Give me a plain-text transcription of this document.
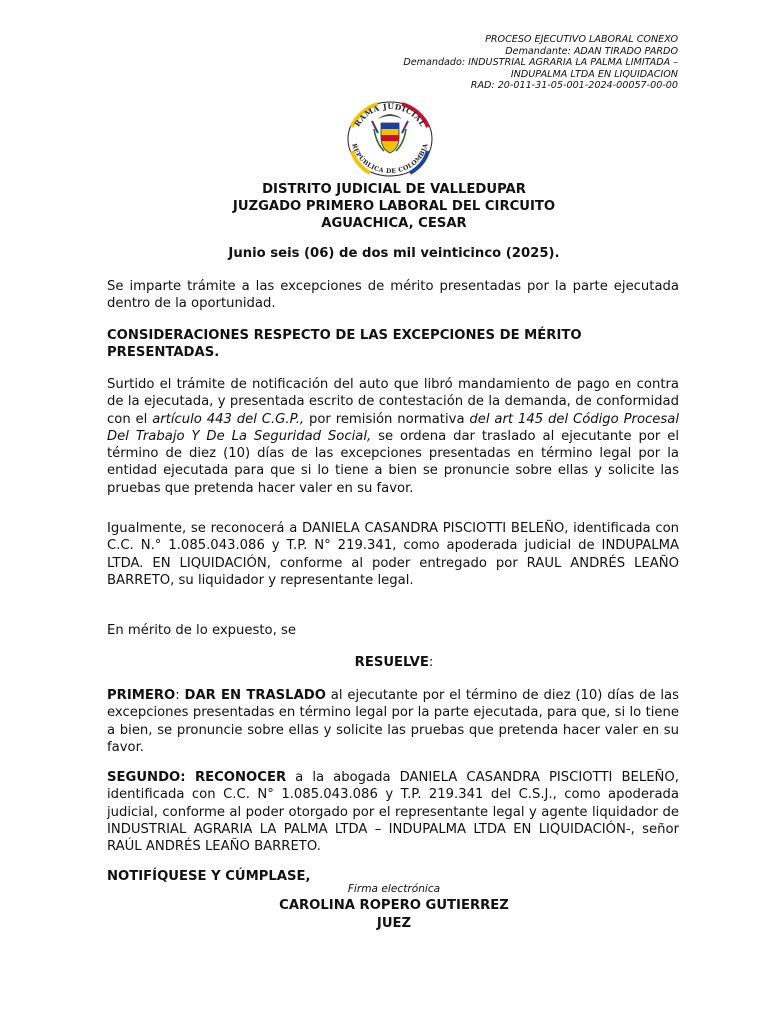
PROCESO EJECUTIVO LABORAL CONEXO
Demandante: ADAN TIRADO PARDO
Demandado: INDUSTRIAL AGRARIA LA PALMA LIMITADA –
INDUPALMA LTDA EN LIQUIDACION
RAD: 20-011-31-05-001-2024-00057-00-00
RAMA JUDICIAL
REPÚBLICA DE COLOMBIA
DISTRITO JUDICIAL DE VALLEDUPAR
JUZGADO PRIMERO LABORAL DEL CIRCUITO
AGUACHICA, CESAR
Junio seis (06) de dos mil veinticinco (2025).
Se imparte trámite a las excepciones de mérito presentadas por la parte ejecutada dentro de la oportunidad.
CONSIDERACIONES RESPECTO DE LAS EXCEPCIONES DE MÉRITO PRESENTADAS.
Surtido el trámite de notificación del auto que libró mandamiento de pago en contra de la ejecutada, y presentada escrito de contestación de la demanda, de conformidad con el artículo 443 del C.G.P., por remisión normativa del art 145 del Código Procesal Del Trabajo Y De La Seguridad Social, se ordena dar traslado al ejecutante por el término de diez (10) días de las excepciones presentadas en término legal por la entidad ejecutada para que si lo tiene a bien se pronuncie sobre ellas y solicite las pruebas que pretenda hacer valer en su favor.
Igualmente, se reconocerá a DANIELA CASANDRA PISCIOTTI BELEÑO, identificada con C.C. N.° 1.085.043.086 y T.P. N° 219.341, como apoderada judicial de INDUPALMA LTDA. EN LIQUIDACIÓN, conforme al poder entregado por RAUL ANDRÉS LEAÑO BARRETO, su liquidador y representante legal.
En mérito de lo expuesto, se
RESUELVE:
PRIMERO: DAR EN TRASLADO al ejecutante por el término de diez (10) días de las excepciones presentadas en término legal por la parte ejecutada, para que, si lo tiene a bien, se pronuncie sobre ellas y solicite las pruebas que pretenda hacer valer en su favor.
SEGUNDO: RECONOCER a la abogada DANIELA CASANDRA PISCIOTTI BELEÑO, identificada con C.C. N° 1.085.043.086 y T.P. 219.341 del C.S.J., como apoderada judicial, conforme al poder otorgado por el representante legal y agente liquidador de INDUSTRIAL AGRARIA LA PALMA LTDA – INDUPALMA LTDA EN LIQUIDACIÓN-, señor RAÚL ANDRÉS LEAÑO BARRETO.
NOTIFÍQUESE Y CÚMPLASE,
Firma electrónica
CAROLINA ROPERO GUTIERREZ
JUEZ
